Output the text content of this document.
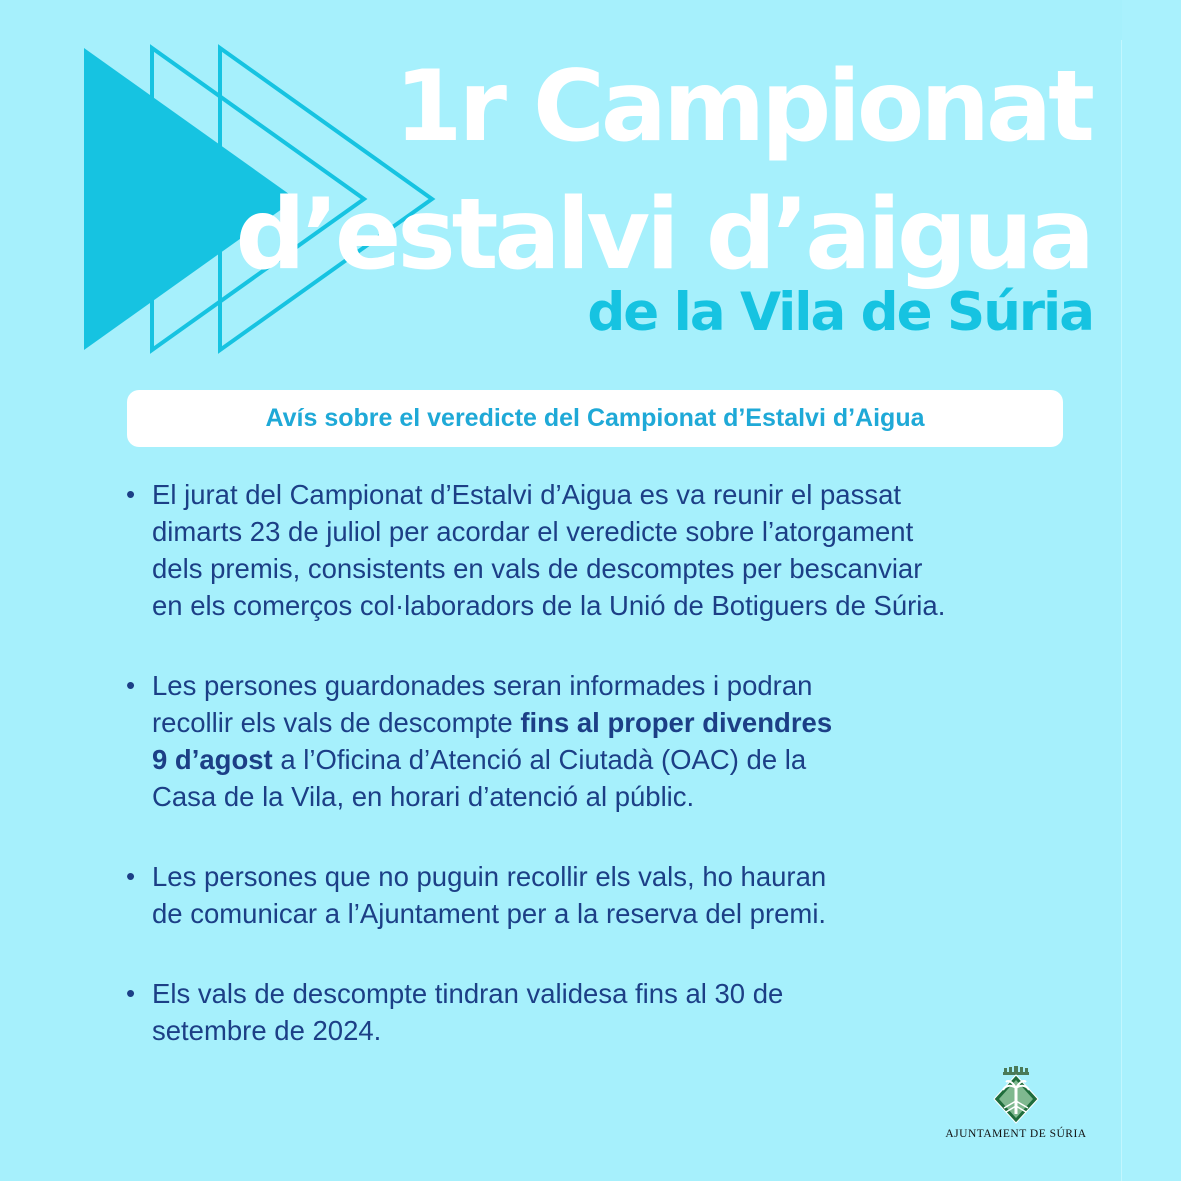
1r Campionat
d’estalvi d’aigua
de la Vila de Súria
Avís sobre el veredicte del Campionat d’Estalvi d’Aigua
• El jurat del Campionat d’Estalvi d’Aigua es va reunir el passat

dimarts 23 de juliol per acordar el veredicte sobre l’atorgament

dels premis, consistents en vals de descomptes per bescanviar

en els comerços col·laboradors de la Unió de Botiguers de Súria.

• Les persones guardonades seran informades i podran

recollir els vals de descompte fins al proper divendres

9 d’agost a l’Oficina d’Atenció al Ciutadà (OAC) de la

Casa de la Vila, en horari d’atenció al públic.

• Les persones que no puguin recollir els vals, ho hauran

de comunicar a l’Ajuntament per a la reserva del premi.

• Els vals de descompte tindran validesa fins al 30 de

setembre de 2024.

AJUNTAMENT DE SÚRIA
